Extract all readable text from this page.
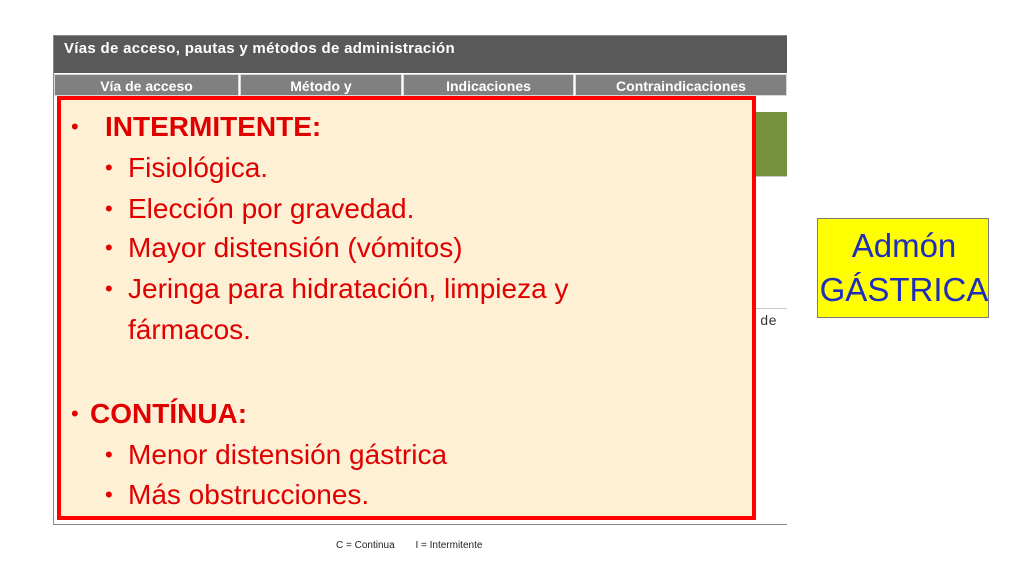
Vías de acceso, pautas y métodos de administración
Vía de acceso	Método y	Indicaciones	Contraindicaciones
de
• INTERMITENTE:
• Fisiológica.
• Elección por gravedad.
• Mayor distensión (vómitos)
• Jeringa para hidratación, limpieza y
fármacos.
• CONTÍNUA:
• Menor distensión gástrica
• Más obstrucciones.
C = Continua I = Intermitente
Admón
GÁSTRICA
